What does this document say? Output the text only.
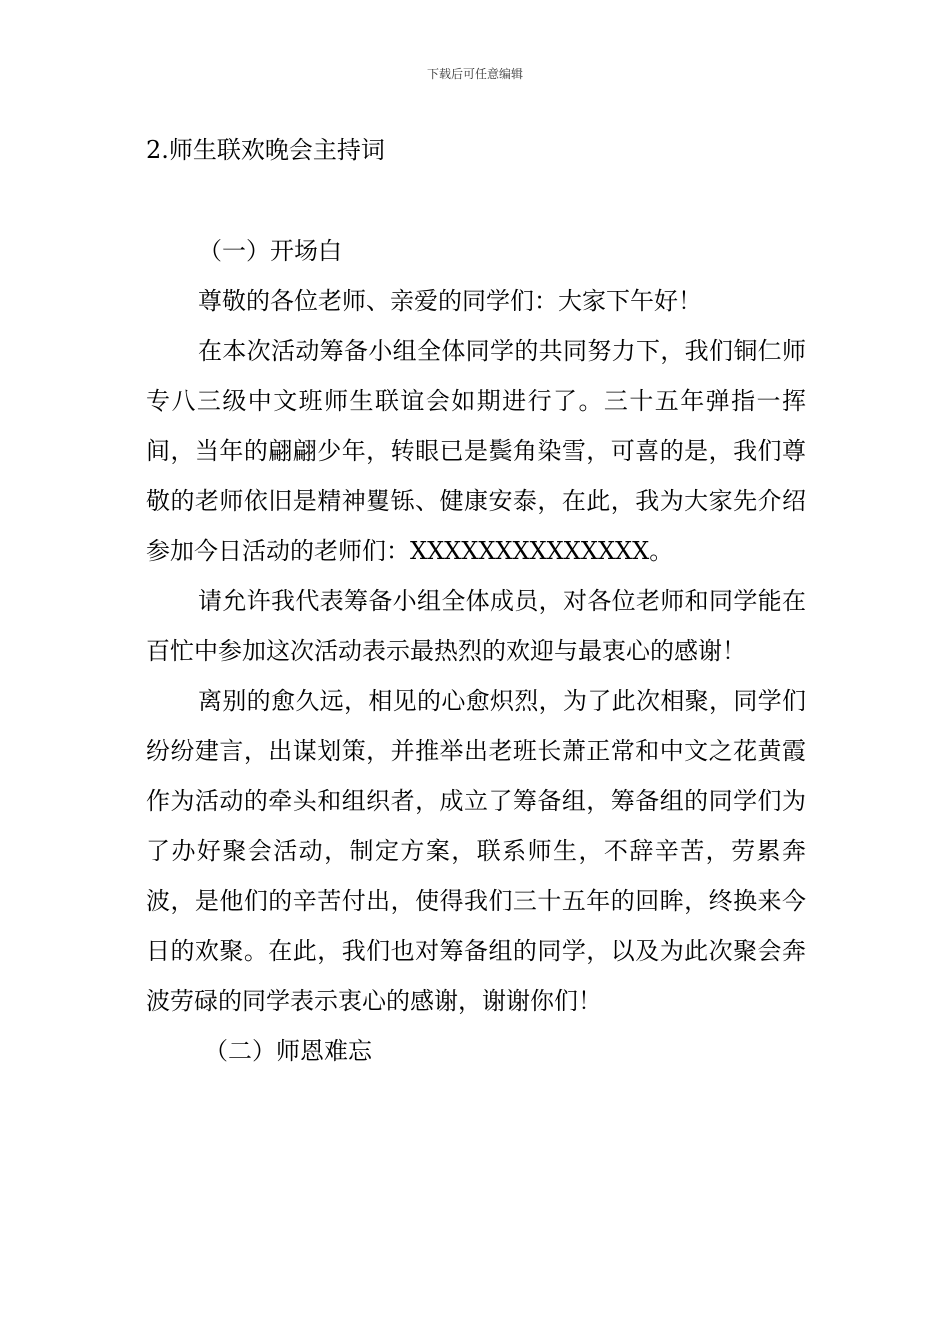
下载后可任意编辑
2.师生联欢晚会主持词

（一）开场白

尊敬的各位老师、亲爱的同学们：大家下午好！

在本次活动筹备小组全体同学的共同努力下，我们铜仁师专八三级中文班师生联谊会如期进行了。三十五年弹指一挥间，当年的翩翩少年，转眼已是鬓角染雪，可喜的是，我们尊敬的老师依旧是精神矍铄、健康安泰，在此，我为大家先介绍参加今日活动的老师们：XXXXXXXXXXXXXX。

请允许我代表筹备小组全体成员，对各位老师和同学能在百忙中参加这次活动表示最热烈的欢迎与最衷心的感谢！

离别的愈久远，相见的心愈炽烈，为了此次相聚，同学们纷纷建言，出谋划策，并推举出老班长萧正常和中文之花黄霞作为活动的牵头和组织者，成立了筹备组，筹备组的同学们为了办好聚会活动，制定方案，联系师生，不辞辛苦，劳累奔波，是他们的辛苦付出，使得我们三十五年的回眸，终换来今日的欢聚。在此，我们也对筹备组的同学，以及为此次聚会奔波劳碌的同学表示衷心的感谢，谢谢你们！

（二）师恩难忘
